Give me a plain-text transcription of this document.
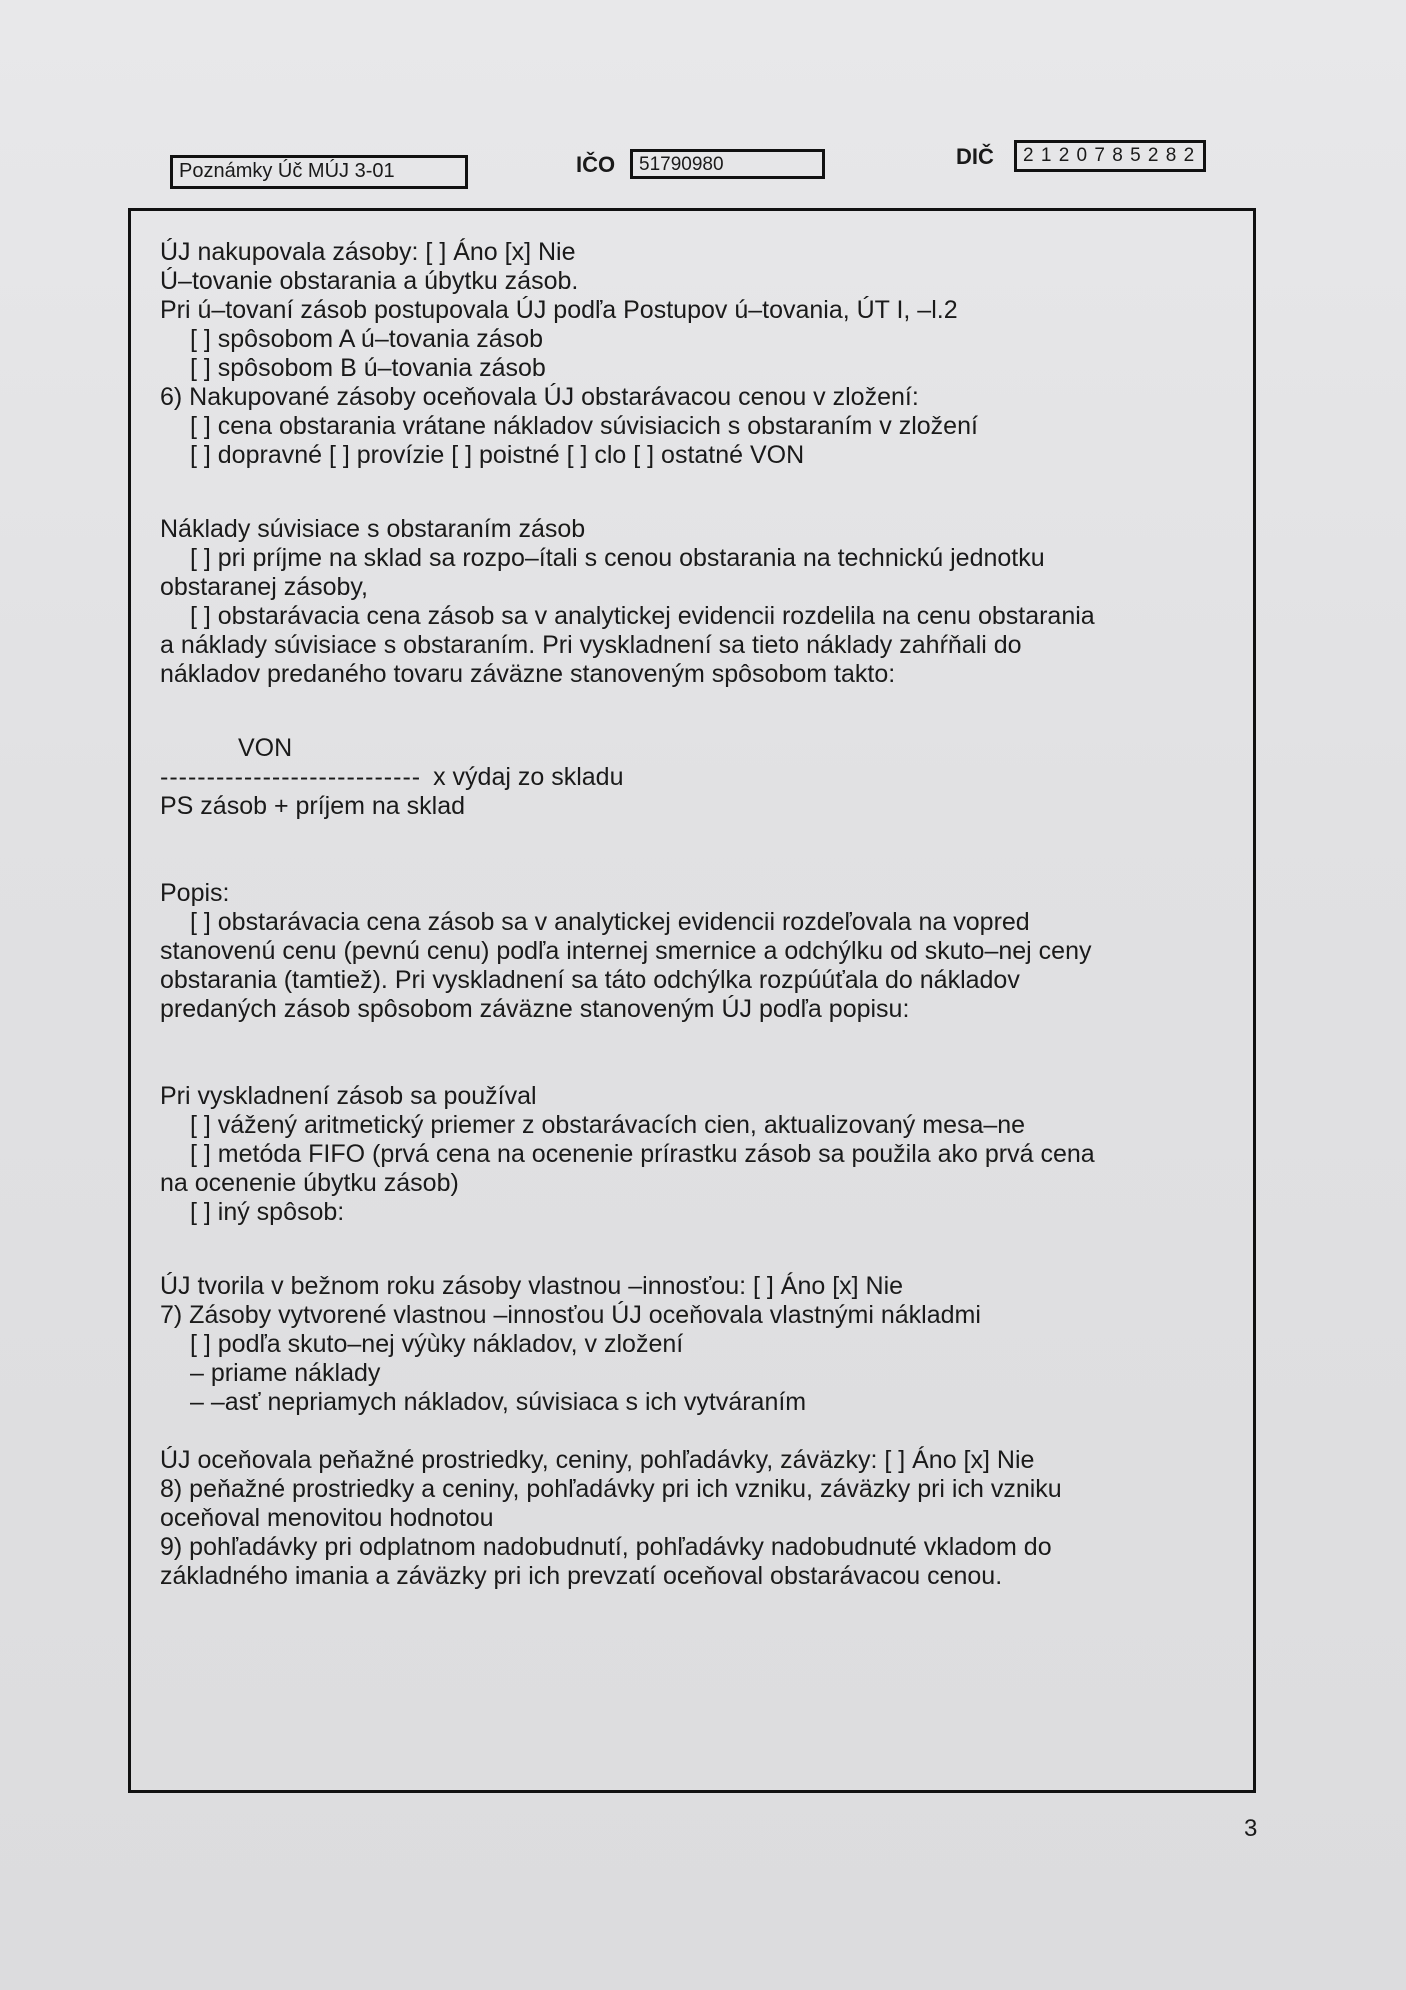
Poznámky Úč MÚJ 3-01	IČO	51790980	DIČ	2 1 2 0 7 8 5 2 8 2
ÚJ nakupovala zásoby: [ ] Áno [x] Nie
Ú–tovanie obstarania a úbytku zásob.
Pri ú–tovaní zásob postupovala ÚJ podľa Postupov ú–tovania, ÚT I, –l.2
[ ] spôsobom A ú–tovania zásob
[ ] spôsobom B ú–tovania zásob
6) Nakupované zásoby oceňovala ÚJ obstarávacou cenou v zložení:
[ ] cena obstarania vrátane nákladov súvisiacich s obstaraním v zložení
[ ] dopravné [ ] provízie [ ] poistné [ ] clo [ ] ostatné VON
Náklady súvisiace s obstaraním zásob
[ ] pri príjme na sklad sa rozpo–ítali s cenou obstarania na technickú jednotku
obstaranej zásoby,
[ ] obstarávacia cena zásob sa v analytickej evidencii rozdelila na cenu obstarania
a náklady súvisiace s obstaraním. Pri vyskladnení sa tieto náklady zahŕňali do
nákladov predaného tovaru záväzne stanoveným spôsobom takto:
VON
---------------------------- x výdaj zo skladu
PS zásob + príjem na sklad
Popis:
[ ] obstarávacia cena zásob sa v analytickej evidencii rozdeľovala na vopred
stanovenú cenu (pevnú cenu) podľa internej smernice a odchýlku od skuto–nej ceny
obstarania (tamtiež). Pri vyskladnení sa táto odchýlka rozpúúťala do nákladov
predaných zásob spôsobom záväzne stanoveným ÚJ podľa popisu:
Pri vyskladnení zásob sa používal
[ ] vážený aritmetický priemer z obstarávacích cien, aktualizovaný mesa–ne
[ ] metóda FIFO (prvá cena na ocenenie prírastku zásob sa použila ako prvá cena
na ocenenie úbytku zásob)
[ ] iný spôsob:
ÚJ tvorila v bežnom roku zásoby vlastnou –innosťou: [ ] Áno [x] Nie
7) Zásoby vytvorené vlastnou –innosťou ÚJ oceňovala vlastnými nákladmi
[ ] podľa skuto–nej výùky nákladov, v zložení
– priame náklady
– –asť nepriamych nákladov, súvisiaca s ich vytváraním
ÚJ oceňovala peňažné prostriedky, ceniny, pohľadávky, záväzky: [ ] Áno [x] Nie
8) peňažné prostriedky a ceniny, pohľadávky pri ich vzniku, záväzky pri ich vzniku
oceňoval menovitou hodnotou
9) pohľadávky pri odplatnom nadobudnutí, pohľadávky nadobudnuté vkladom do
základného imania a záväzky pri ich prevzatí oceňoval obstarávacou cenou.
3
